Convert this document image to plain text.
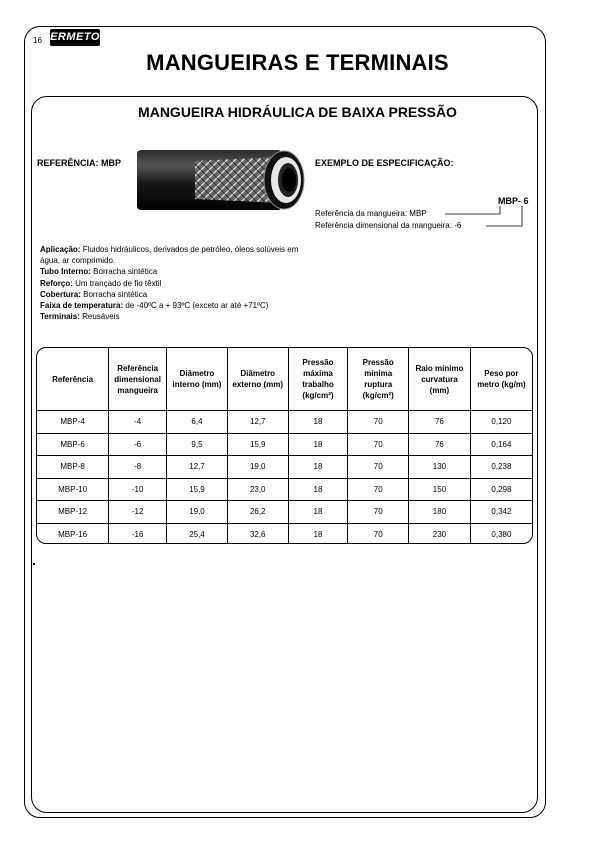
16 ERMETO
MANGUEIRAS E TERMINAIS
MANGUEIRA HIDRÁULICA DE BAIXA PRESSÃO
REFERÊNCIA: MBP	EXEMPLO DE ESPECIFICAÇÃO:
MBP- 6
Referência da mangueira: MBP
Referência dimensional da mangueira: -6

Aplicação: Fluidos hidráulicos, derivados de petróleo, óleos solúveis em água, ar comprimido.

Tubo Interno: Borracha sintética

Reforço: Um trançado de fio têxtil

Cobertura: Borracha sintética

Faixa de temperatura: de -40ºC a + 93ºC (exceto ar até +71ºC)

Terminais: Reusáveis

Referência	Referência dimensional mangueira	Diâmetro interno (mm)	Diâmetro externo (mm)	Pressão máxima trabalho (kg/cm²)	Pressão mínima ruptura (kg/cm²)	Raio mínimo curvatura (mm)	Peso por metro (kg/m)
MBP-4	-4	6,4	12,7	18	70	76	0,120
MBP-6	-6	9,5	15,9	18	70	76	0,164
MBP-8	-8	12,7	19,0	18	70	130	0,238
MBP-10	-10	15,9	23,0	18	70	150	0,298
MBP-12	-12	19,0	26,2	18	70	180	0,342
MBP-16	-16	25,4	32,6	18	70	230	0,380
